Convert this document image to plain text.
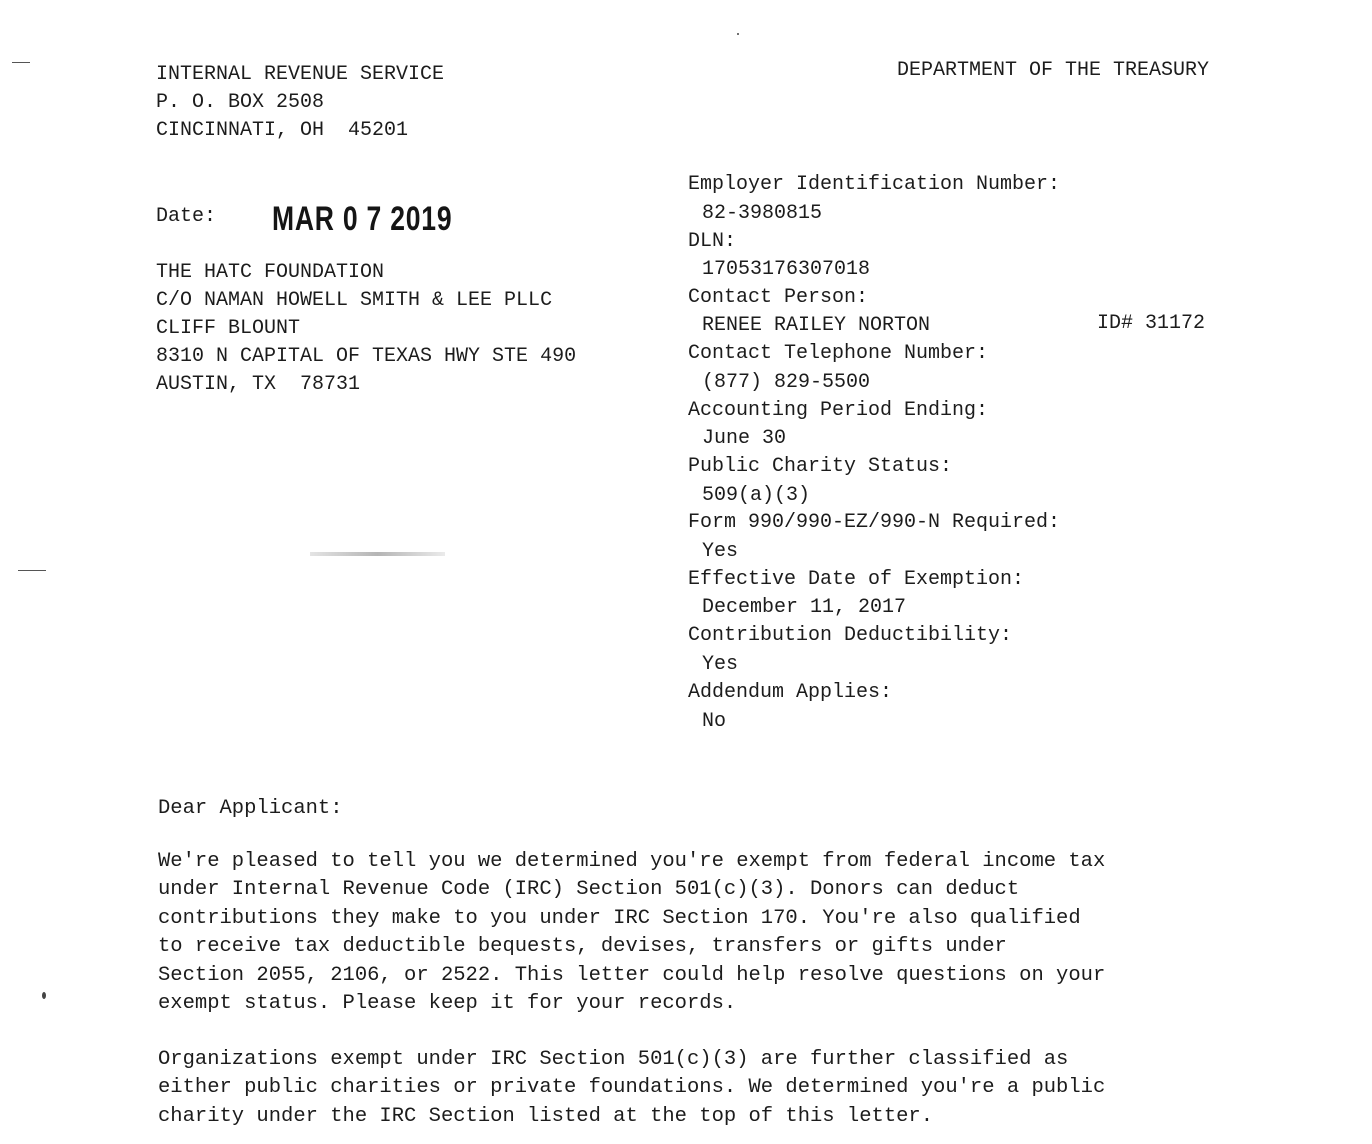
INTERNAL REVENUE SERVICE
P. O. BOX 2508
CINCINNATI, OH  45201
DEPARTMENT OF THE TREASURY
Date: MAR 0 7 2019
THE HATC FOUNDATION
C/O NAMAN HOWELL SMITH & LEE PLLC
CLIFF BLOUNT
8310 N CAPITAL OF TEXAS HWY STE 490
AUSTIN, TX  78731
Employer Identification Number:
82-3980815
DLN:
17053176307018
Contact Person:
RENEE RAILEY NORTON	ID# 31172
Contact Telephone Number:
(877) 829-5500
Accounting Period Ending:
June 30
Public Charity Status:
509(a)(3)
Form 990/990-EZ/990-N Required:
Yes
Effective Date of Exemption:
December 11, 2017
Contribution Deductibility:
Yes
Addendum Applies:
No
Dear Applicant:
We're pleased to tell you we determined you're exempt from federal income tax
under Internal Revenue Code (IRC) Section 501(c)(3). Donors can deduct
contributions they make to you under IRC Section 170. You're also qualified
to receive tax deductible bequests, devises, transfers or gifts under
Section 2055, 2106, or 2522. This letter could help resolve questions on your
exempt status. Please keep it for your records.
Organizations exempt under IRC Section 501(c)(3) are further classified as
either public charities or private foundations. We determined you're a public
charity under the IRC Section listed at the top of this letter.
